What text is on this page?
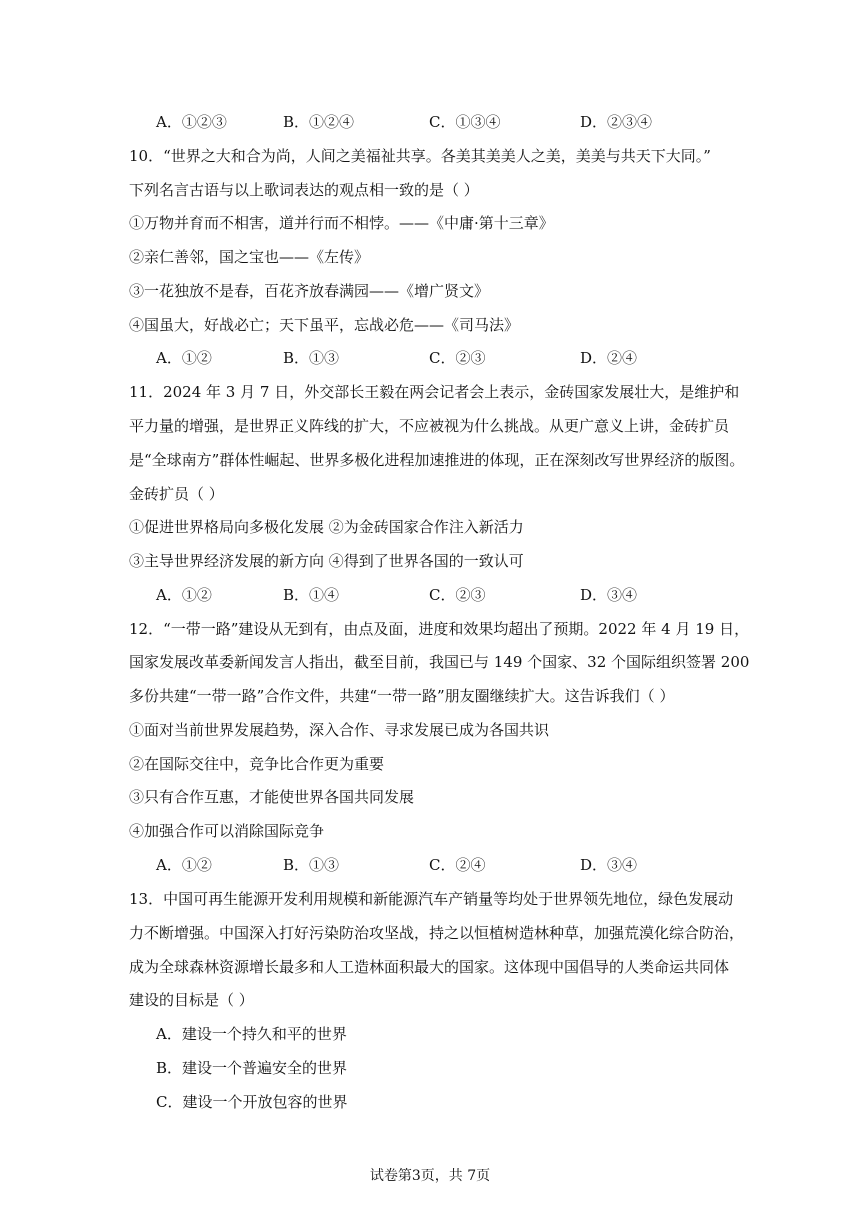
A．①②③	B．①②④	C．①③④	D．②③④
10．“世界之大和合为尚，人间之美福祉共享。各美其美美人之美，美美与共天下大同。”
下列名言古语与以上歌词表达的观点相一致的是（ ）
①万物并育而不相害，道并行而不相悖。——《中庸·第十三章》
②亲仁善邻，国之宝也——《左传》
③一花独放不是春，百花齐放春满园——《增广贤文》
④国虽大，好战必亡；天下虽平，忘战必危——《司马法》
A．①②	B．①③	C．②③	D．②④
11．2024 年 3 月 7 日，外交部长王毅在两会记者会上表示，金砖国家发展壮大，是维护和
平力量的增强，是世界正义阵线的扩大，不应被视为什么挑战。从更广意义上讲，金砖扩员
是“全球南方”群体性崛起、世界多极化进程加速推进的体现，正在深刻改写世界经济的版图。
金砖扩员（ ）
①促进世界格局向多极化发展 ②为金砖国家合作注入新活力
③主导世界经济发展的新方向 ④得到了世界各国的一致认可
A．①②	B．①④	C．②③	D．③④
12．“一带一路”建设从无到有，由点及面，进度和效果均超出了预期。2022 年 4 月 19 日，
国家发展改革委新闻发言人指出，截至目前，我国已与 149 个国家、32 个国际组织签署 200
多份共建“一带一路”合作文件，共建“一带一路”朋友圈继续扩大。这告诉我们（ ）
①面对当前世界发展趋势，深入合作、寻求发展已成为各国共识
②在国际交往中，竞争比合作更为重要
③只有合作互惠，才能使世界各国共同发展
④加强合作可以消除国际竞争
A．①②	B．①③	C．②④	D．③④
13．中国可再生能源开发利用规模和新能源汽车产销量等均处于世界领先地位，绿色发展动
力不断增强。中国深入打好污染防治攻坚战，持之以恒植树造林种草，加强荒漠化综合防治，
成为全球森林资源增长最多和人工造林面积最大的国家。这体现中国倡导的人类命运共同体
建设的目标是（ ）
A．建设一个持久和平的世界
B．建设一个普遍安全的世界
C．建设一个开放包容的世界
试卷第3页，共 7页
